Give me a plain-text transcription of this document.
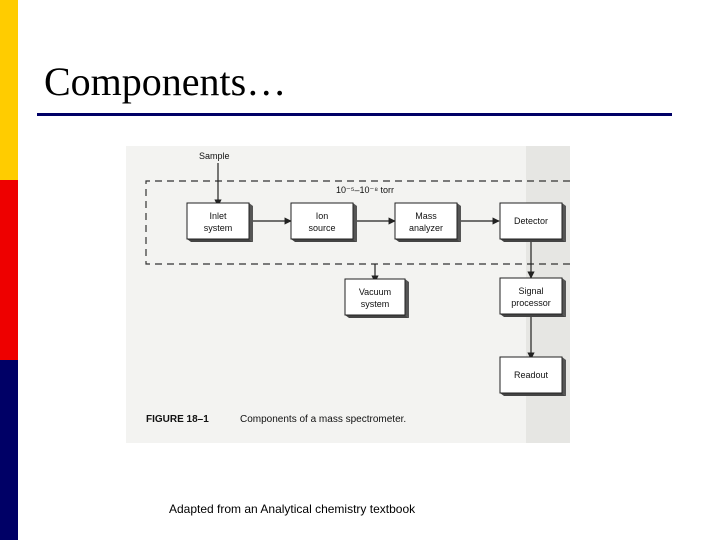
Components…
Sample
10⁻⁵–10⁻⁸ torr
Inlet
system
Ion
source
Mass
analyzer
Detector
Vacuum
system
Signal
processor
Readout
FIGURE 18–1	Components of a mass spectrometer.
Adapted from an Analytical chemistry textbook
